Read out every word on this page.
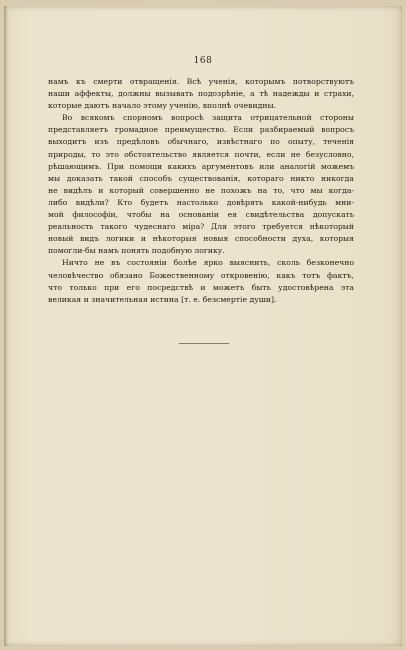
168
намъ къ смерти отвращенія. Всѣ ученія, которымъ потворствуютъ
наши аффекты, должны вызывать подозрѣніе, а тѣ надежды и страхи,
которые даютъ начало этому ученію, вполнѣ очевидны.
Во всякомъ спорномъ вопросѣ защита отрицательной стороны
представляетъ громадное преимущество. Если разбираемый вопросъ
выходитъ изъ предѣловъ обычнаго, извѣстнаго по опыту, теченія
природы, то это обстоятельство является почти, если не безусловно,
рѣшающимъ. При помощи какихъ аргументовъ или аналогій можемъ
мы доказать такой способъ существованія, котораго никто никогда
не видѣлъ и который совершенно не похожъ на то, что мы когда-
либо видѣли? Кто будетъ настолько довѣрять какой-нибудь мни-
мой философіи, чтобы на основаніи ея свидѣтельства допускать
реальность такого чудеснаго міра? Для этого требуется нѣкоторый
новый видъ логики и нѣкоторыя новыя способности духа, которыя
помогли-бы намъ понять подобную логику.
Ничто не въ состояніи болѣе ярко выяснить, сколь безконечно
человѣчество обязано Божественному откровенію, какъ тотъ фактъ,
что только при его посредствѣ и можетъ быть удостовѣрена эта
великая и значительная истина [т. е. безсмертіе души].
